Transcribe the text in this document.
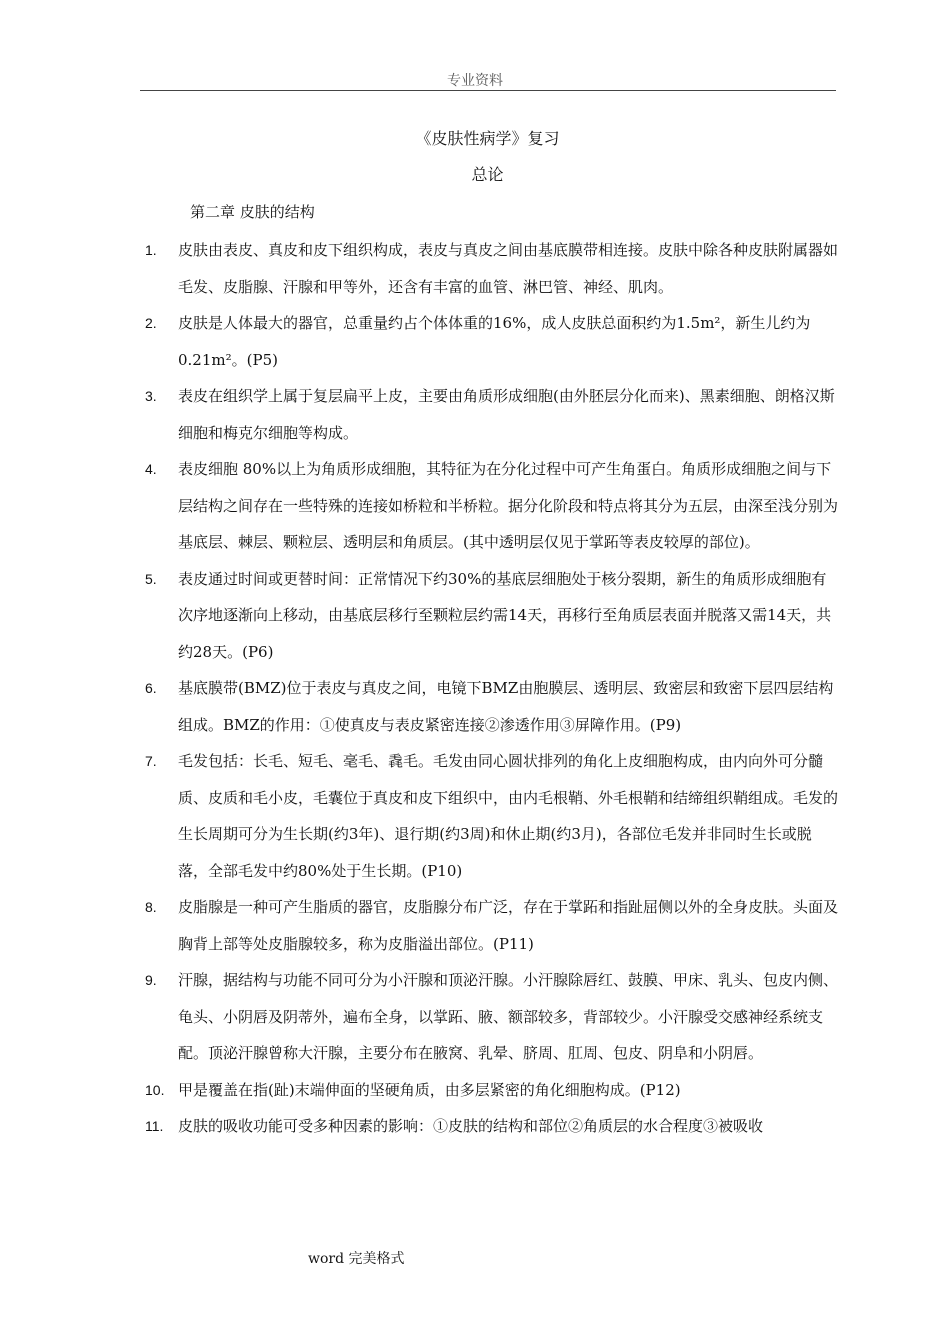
专业资料
《皮肤性病学》复习
总论
第二章 皮肤的结构
1. 皮肤由表皮、真皮和皮下组织构成，表皮与真皮之间由基底膜带相连接。皮肤中除各种皮肤附属器如毛发、皮脂腺、汗腺和甲等外，还含有丰富的血管、淋巴管、神经、肌肉。
2. 皮肤是人体最大的器官，总重量约占个体体重的16%，成人皮肤总面积约为1.5m²，新生儿约为0.21m²。(P5)
3. 表皮在组织学上属于复层扁平上皮，主要由角质形成细胞(由外胚层分化而来)、黑素细胞、朗格汉斯细胞和梅克尔细胞等构成。
4. 表皮细胞 80%以上为角质形成细胞，其特征为在分化过程中可产生角蛋白。角质形成细胞之间与下层结构之间存在一些特殊的连接如桥粒和半桥粒。据分化阶段和特点将其分为五层，由深至浅分别为基底层、棘层、颗粒层、透明层和角质层。(其中透明层仅见于掌跖等表皮较厚的部位)。
5. 表皮通过时间或更替时间：正常情况下约30%的基底层细胞处于核分裂期，新生的角质形成细胞有次序地逐渐向上移动，由基底层移行至颗粒层约需14天，再移行至角质层表面并脱落又需14天，共约28天。(P6)
6. 基底膜带(BMZ)位于表皮与真皮之间，电镜下BMZ由胞膜层、透明层、致密层和致密下层四层结构组成。BMZ的作用：①使真皮与表皮紧密连接②渗透作用③屏障作用。(P9)
7. 毛发包括：长毛、短毛、毫毛、毳毛。毛发由同心圆状排列的角化上皮细胞构成，由内向外可分髓质、皮质和毛小皮，毛囊位于真皮和皮下组织中，由内毛根鞘、外毛根鞘和结缔组织鞘组成。毛发的生长周期可分为生长期(约3年)、退行期(约3周)和休止期(约3月)，各部位毛发并非同时生长或脱落，全部毛发中约80%处于生长期。(P10)
8. 皮脂腺是一种可产生脂质的器官，皮脂腺分布广泛，存在于掌跖和指趾屈侧以外的全身皮肤。头面及胸背上部等处皮脂腺较多，称为皮脂溢出部位。(P11)
9. 汗腺，据结构与功能不同可分为小汗腺和顶泌汗腺。小汗腺除唇红、鼓膜、甲床、乳头、包皮内侧、龟头、小阴唇及阴蒂外，遍布全身，以掌跖、腋、额部较多，背部较少。小汗腺受交感神经系统支配。顶泌汗腺曾称大汗腺，主要分布在腋窝、乳晕、脐周、肛周、包皮、阴阜和小阴唇。
10. 甲是覆盖在指(趾)末端伸面的坚硬角质，由多层紧密的角化细胞构成。(P12)
11. 皮肤的吸收功能可受多种因素的影响：①皮肤的结构和部位②角质层的水合程度③被吸收
word 完美格式
